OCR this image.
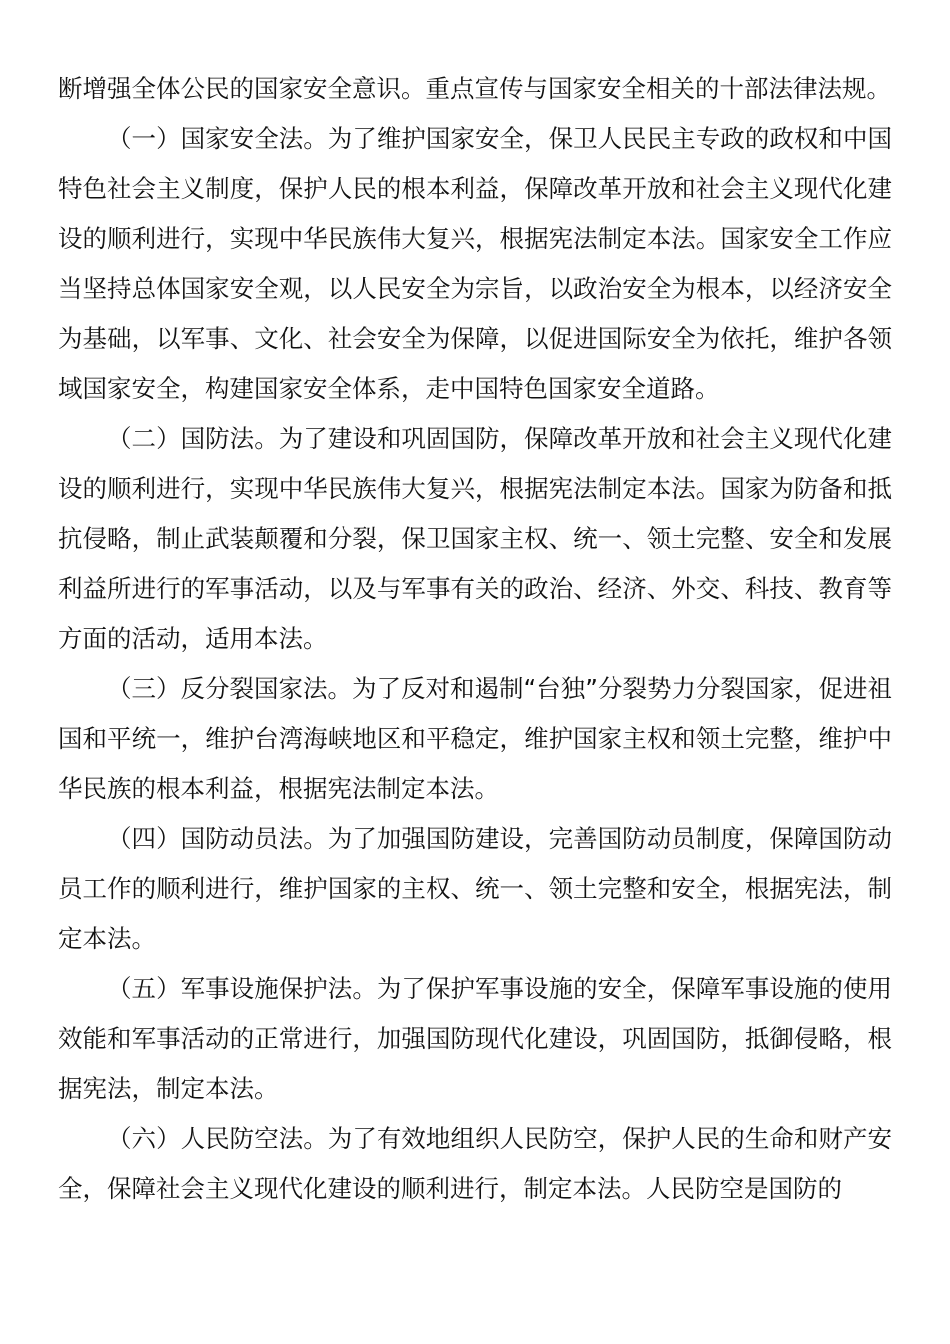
断增强全体公民的国家安全意识。重点宣传与国家安全相关的十部法律法规。

（一）国家安全法。为了维护国家安全，保卫人民民主专政的政权和中国特色社会主义制度，保护人民的根本利益，保障改革开放和社会主义现代化建设的顺利进行，实现中华民族伟大复兴，根据宪法制定本法。国家安全工作应当坚持总体国家安全观，以人民安全为宗旨，以政治安全为根本，以经济安全为基础，以军事、文化、社会安全为保障，以促进国际安全为依托，维护各领域国家安全，构建国家安全体系，走中国特色国家安全道路。

（二）国防法。为了建设和巩固国防，保障改革开放和社会主义现代化建设的顺利进行，实现中华民族伟大复兴，根据宪法制定本法。国家为防备和抵抗侵略，制止武装颠覆和分裂，保卫国家主权、统一、领土完整、安全和发展利益所进行的军事活动，以及与军事有关的政治、经济、外交、科技、教育等方面的活动，适用本法。

（三）反分裂国家法。为了反对和遏制“台独”分裂势力分裂国家，促进祖国和平统一，维护台湾海峡地区和平稳定，维护国家主权和领土完整，维护中华民族的根本利益，根据宪法制定本法。

（四）国防动员法。为了加强国防建设，完善国防动员制度，保障国防动员工作的顺利进行，维护国家的主权、统一、领土完整和安全，根据宪法，制定本法。

（五）军事设施保护法。为了保护军事设施的安全，保障军事设施的使用效能和军事活动的正常进行，加强国防现代化建设，巩固国防，抵御侵略，根据宪法，制定本法。

（六）人民防空法。为了有效地组织人民防空，保护人民的生命和财产安全，保障社会主义现代化建设的顺利进行，制定本法。人民防空是国防的
